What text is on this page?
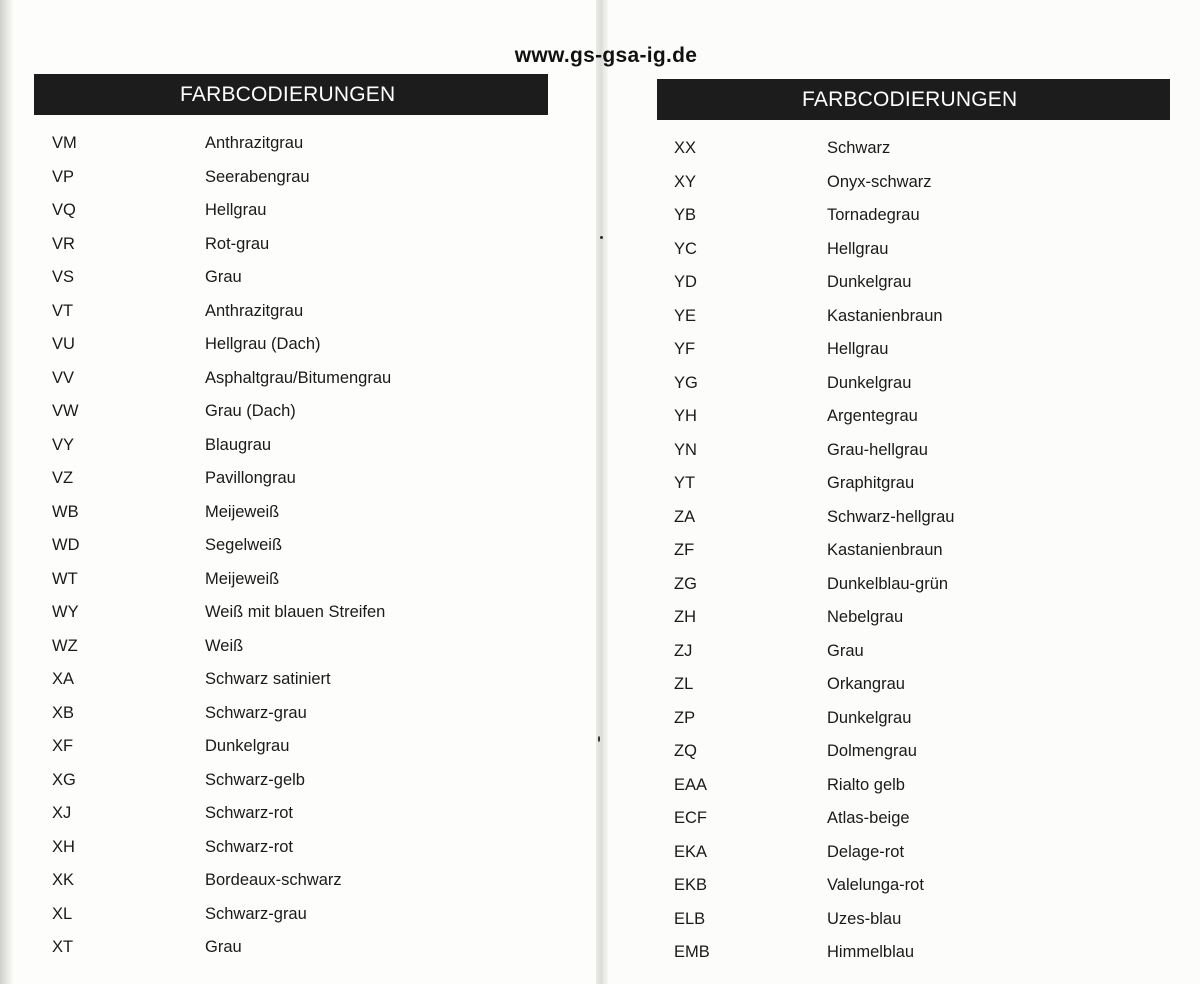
www.gs-gsa-ig.de
FARBCODIERUNGEN	FARBCODIERUNGEN
VM	Anthrazitgrau
VP	Seerabengrau
VQ	Hellgrau
VR	Rot-grau
VS	Grau
VT	Anthrazitgrau
VU	Hellgrau (Dach)
VV	Asphaltgrau/Bitumengrau
VW	Grau (Dach)
VY	Blaugrau
VZ	Pavillongrau
WB	Meijeweiß
WD	Segelweiß
WT	Meijeweiß
WY	Weiß mit blauen Streifen
WZ	Weiß
XA	Schwarz satiniert
XB	Schwarz-grau
XF	Dunkelgrau
XG	Schwarz-gelb
XJ	Schwarz-rot
XH	Schwarz-rot
XK	Bordeaux-schwarz
XL	Schwarz-grau
XT	Grau
XX	Schwarz
XY	Onyx-schwarz
YB	Tornadegrau
YC	Hellgrau
YD	Dunkelgrau
YE	Kastanienbraun
YF	Hellgrau
YG	Dunkelgrau
YH	Argentegrau
YN	Grau-hellgrau
YT	Graphitgrau
ZA	Schwarz-hellgrau
ZF	Kastanienbraun
ZG	Dunkelblau-grün
ZH	Nebelgrau
ZJ	Grau
ZL	Orkangrau
ZP	Dunkelgrau
ZQ	Dolmengrau
EAA	Rialto gelb
ECF	Atlas-beige
EKA	Delage-rot
EKB	Valelunga-rot
ELB	Uzes-blau
EMB	Himmelblau
